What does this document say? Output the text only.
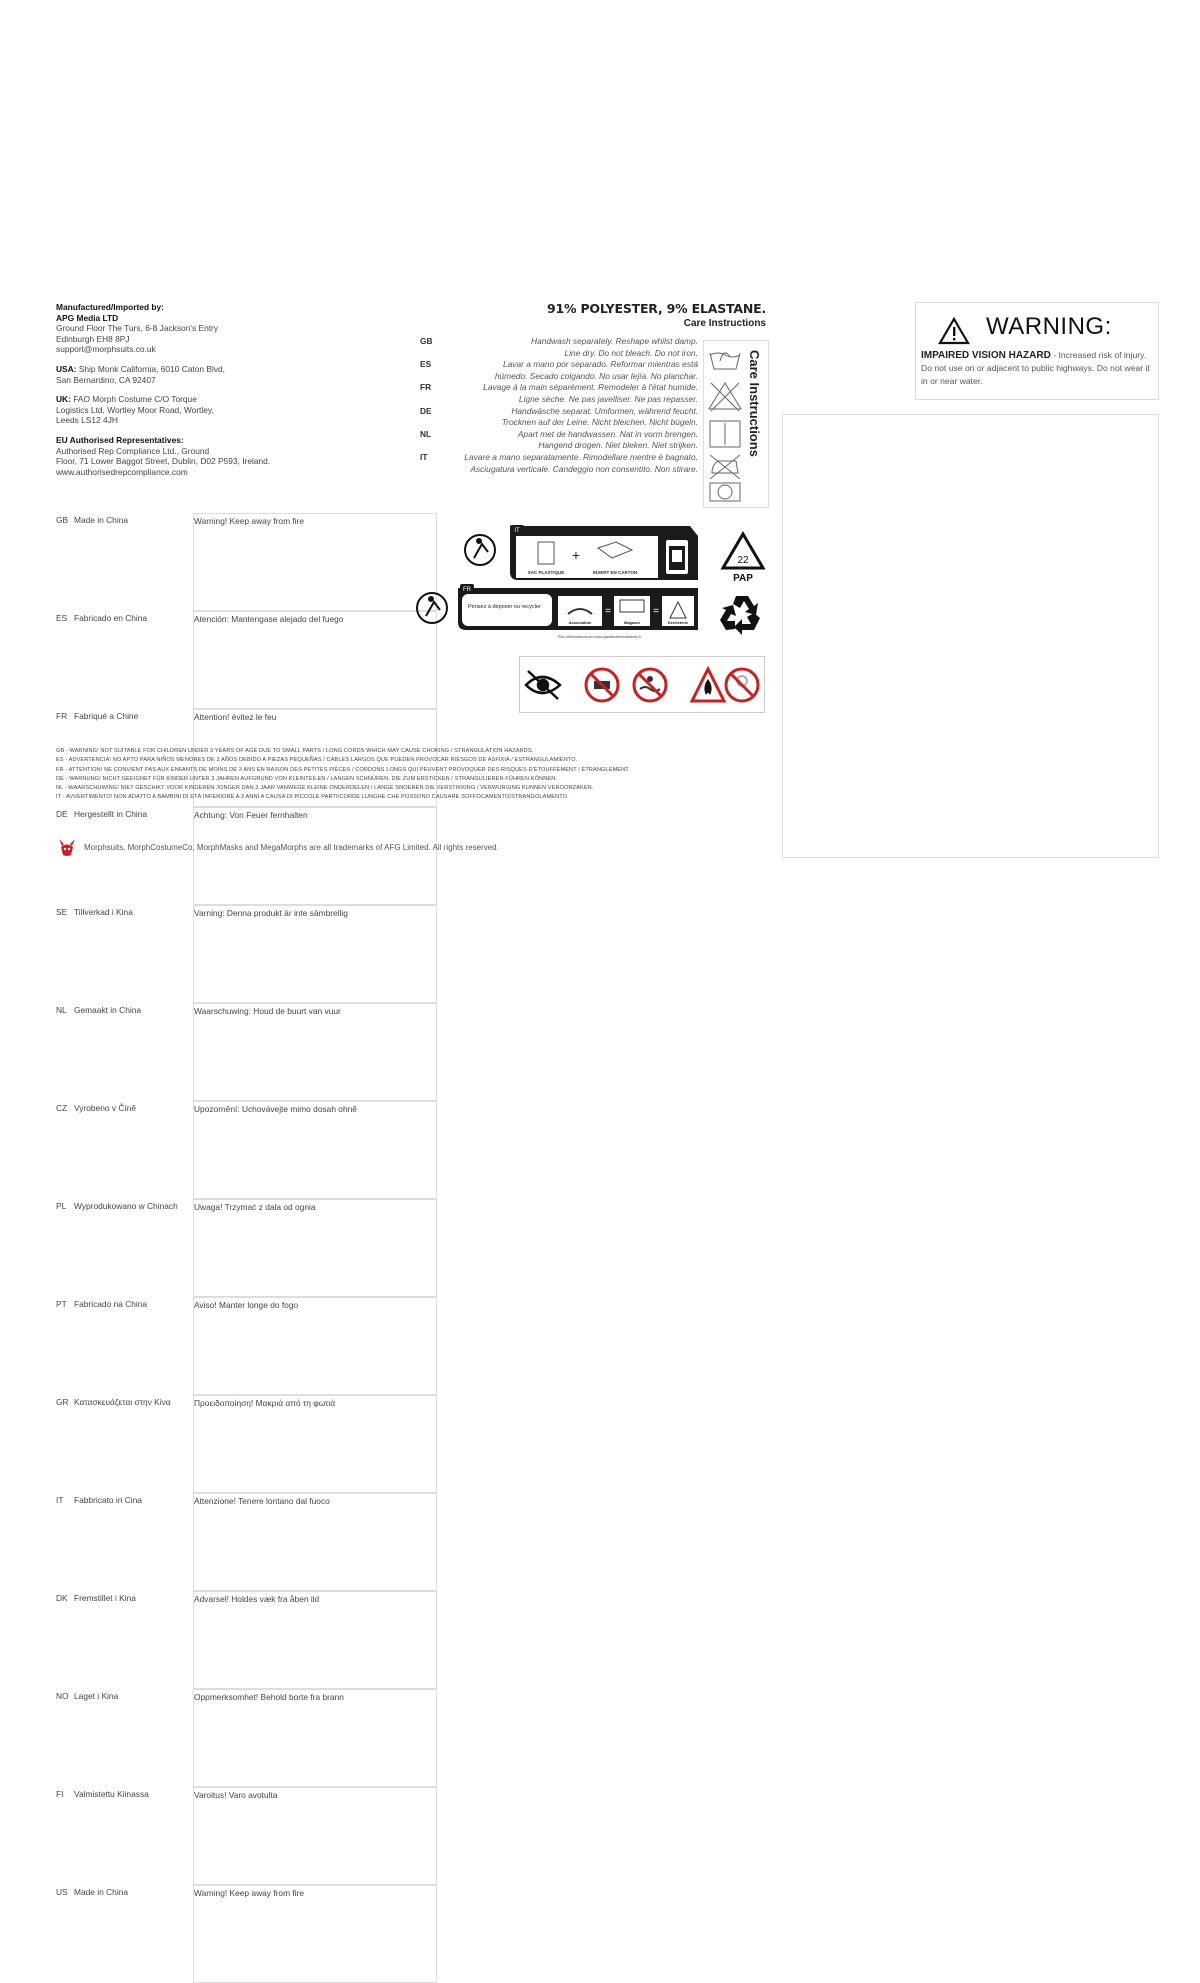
Manufactured/Imported by:
APG Media LTD
Ground Floor The Turs, 6-8 Jackson's Entry
Edinburgh EH8 8PJ
support@morphsuits.co.uk
USA: Ship Monk California, 6010 Caton Blvd,
San Bernardino, CA 92407
UK: FAO Morph Costume C/O Torque
Logistics Ltd, Wortley Moor Road, Wortley,
Leeds LS12 4JH
EU Authorised Representatives:
Authorised Rep Compliance Ltd., Ground
Floor, 71 Lower Baggot Street, Dublin, D02 P593, Ireland.
www.authorisedrepcompliance.com
GB Made in China	Warning! Keep away from fire
ES Fabricado en China	Atención: Mantengase alejado del fuego
FR Fabriqué a Chine	Attention! évitez le feu
DE Hergestellt in China	Achtung: Von Feuer fernhalten
SE Tillverkad i Kina	Varning: Denna produkt är inte sämbrellig
NL Gemaakt in China	Waarschuwing: Houd de buurt van vuur
CZ Vyrobeno v Číně	Upozornění: Uchovávejte mimo dosah ohně
PL Wyprodukowano w Chinach	Uwaga! Trzymać z dala od ognia
PT Fabricado na China	Aviso! Manter longe do fogo
GR Κατασκευάζεται στην Κίνα	Προειδοποίηση! Μακριά από τη φωτιά
IT	Fabbricato in Cina	Attenzione! Tenere lontano dal fuoco
DK Fremstillet i Kina	Advarsel! Holdes væk fra åben ild
NO Laget i Kina	Oppmerksomhet! Behold borte fra brann
FI	Valmistettu Kiinassa	Varoitus! Varo avotulta
US Made in China	Warning! Keep away from fire
GB - WARNING! NOT SUITABLE FOR CHILDREN UNDER 3 YEARS OF AGE DUE TO SMALL PARTS / LONG CORDS WHICH MAY CAUSE CHOKING / STRANGULATION HAZARDS.
ES - ADVERTENCIA! NO APTO PARA NIÑOS MENORES DE 3 AÑOS DEBIDO A PIEZAS PEQUEÑAS / CABLES LARGOS QUE PUEDEN PROVOCAR RIESGOS DE ASFIXIA / ESTRANGULAMIENTO.
FR - ATTENTION! NE CONVIENT PAS AUX ENFANTS DE MOINS DE 3 ANS EN RAISON DES PETITES PIÈCES / CORDONS LONGS QUI PEUVENT PROVOQUER DES RISQUES D'ÉTOUFFEMENT / ÉTRANGLEMENT.
DE - WARNUNG! NICHT GEEIGNET FÜR KINDER UNTER 3 JAHREN AUFGRUND VON KLEINTEILEN / LANGEN SCHNÜREN, DIE ZUM ERSTICKEN / STRANGULIEREN FÜHREN KÖNNEN.
NL - WAARSCHUWING! NIET GESCHIKT VOOR KINDEREN JONGER DAN 3 JAAR VANWEGE KLEINE ONDERDELEN / LANGE SNOEREN DIE VERSTIKKING / VERWURGING KUNNEN VEROORZAKEN.
IT - AVVERTIMENTO! NON ADATTO A BAMBINI DI ETÀ INFERIORE A 3 ANNI A CAUSA DI PICCOLE PARTI/CORDE LUNGHE CHE POSSONO CAUSARE SOFFOCAMENTO/STRANGOLAMENTO.
Morphsuits, MorphCostumeCo, MorphMasks and MegaMorphs are all trademarks of AFG Limited. All rights reserved.
91% POLYESTER, 9% ELASTANE.
Care Instructions
GB	Handwash separately. Reshape whilst damp.
Line dry. Do not bleach. Do not iron.
ES	Lavar a mano por separado. Reformar mientras está
húmedo. Secado colgando. No usar lejía. No planchar.
FR	Lavage à la main séparément. Remodeler à l'état humide.
Ligne sèche. Ne pas javelliser. Ne pas repasser.
DE	Handwäsche separat. Umformen, während feucht.
Trocknen auf der Leine. Nicht bleichen. Nicht bügeln.
NL	Apart met de handwassen. Nat in vorm brengen.
Hangend drogen. Niet bleken. Niet strijken.
IT	Lavare a mano separatamente. Rimodellare mentre è bagnato.
Asciugatura verticale. Candeggio non consentito. Non stirare.
Care Instructions
IT
+
SAC PLASTIQUE	INSERT EN CARTON
22
PAP
FR
Pensez à déposer ou recycler	=	=
Association	Magasin	Déchèterie
Plus d'informations sur www.quefairedemesdechets.fr
WARNING:
IMPAIRED VISION HAZARD - Increased risk of injury. Do not use on or adjacent to public highways. Do not wear it in or near water.
